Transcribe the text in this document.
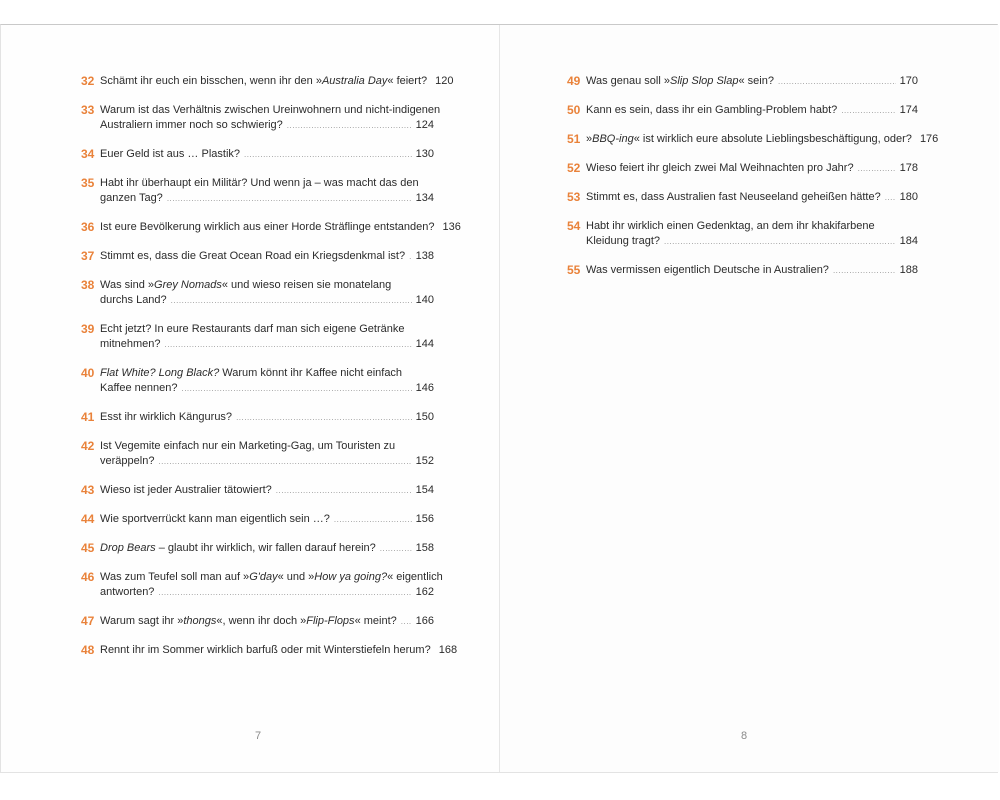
32 Schämt ihr euch ein bisschen, wenn ihr den »Australia Day« feiert? 120
33 Warum ist das Verhältnis zwischen Ureinwohnern und nicht-indigenen
Australiern immer noch so schwierig? .....	124
34 Euer Geld ist aus … Plastik? .....	130
35 Habt ihr überhaupt ein Militär? Und wenn ja – was macht das den
ganzen Tag? .....	134
36 Ist eure Bevölkerung wirklich aus einer Horde Sträflinge entstanden? 136
37 Stimmt es, dass die Great Ocean Road ein Kriegsdenkmal ist? ..... 138
38 Was sind »Grey Nomads« und wieso reisen sie monatelang
durchs Land? .....	140
39 Echt jetzt? In eure Restaurants darf man sich eigene Getränke
mitnehmen? .....	144
40 Flat White? Long Black? Warum könnt ihr Kaffee nicht einfach
Kaffee nennen? .....	146
41 Esst ihr wirklich Kängurus? .....	150
42 Ist Vegemite einfach nur ein Marketing-Gag, um Touristen zu
veräppeln? .....	152
43 Wieso ist jeder Australier tätowiert? .....	154
44 Wie sportverrückt kann man eigentlich sein …? .....	156
45 Drop Bears – glaubt ihr wirklich, wir fallen darauf herein? .....	158
46 Was zum Teufel soll man auf »G'day« und »How ya going?« eigentlich
antworten? .....	162
47 Warum sagt ihr »thongs«, wenn ihr doch »Flip-Flops« meint? ..... 166
48 Rennt ihr im Sommer wirklich barfuß oder mit Winterstiefeln herum? 168
7
49 Was genau soll »Slip Slop Slap« sein? .....	170
50 Kann es sein, dass ihr ein Gambling-Problem habt? .....	174
51 »BBQ-ing« ist wirklich eure absolute Lieblingsbeschäftigung, oder? 176
52 Wieso feiert ihr gleich zwei Mal Weihnachten pro Jahr? .....	178
53 Stimmt es, dass Australien fast Neuseeland geheißen hätte? ..... 180
54 Habt ihr wirklich einen Gedenktag, an dem ihr khakifarbene
Kleidung tragt? .....	184
55 Was vermissen eigentlich Deutsche in Australien? .....	188
8
